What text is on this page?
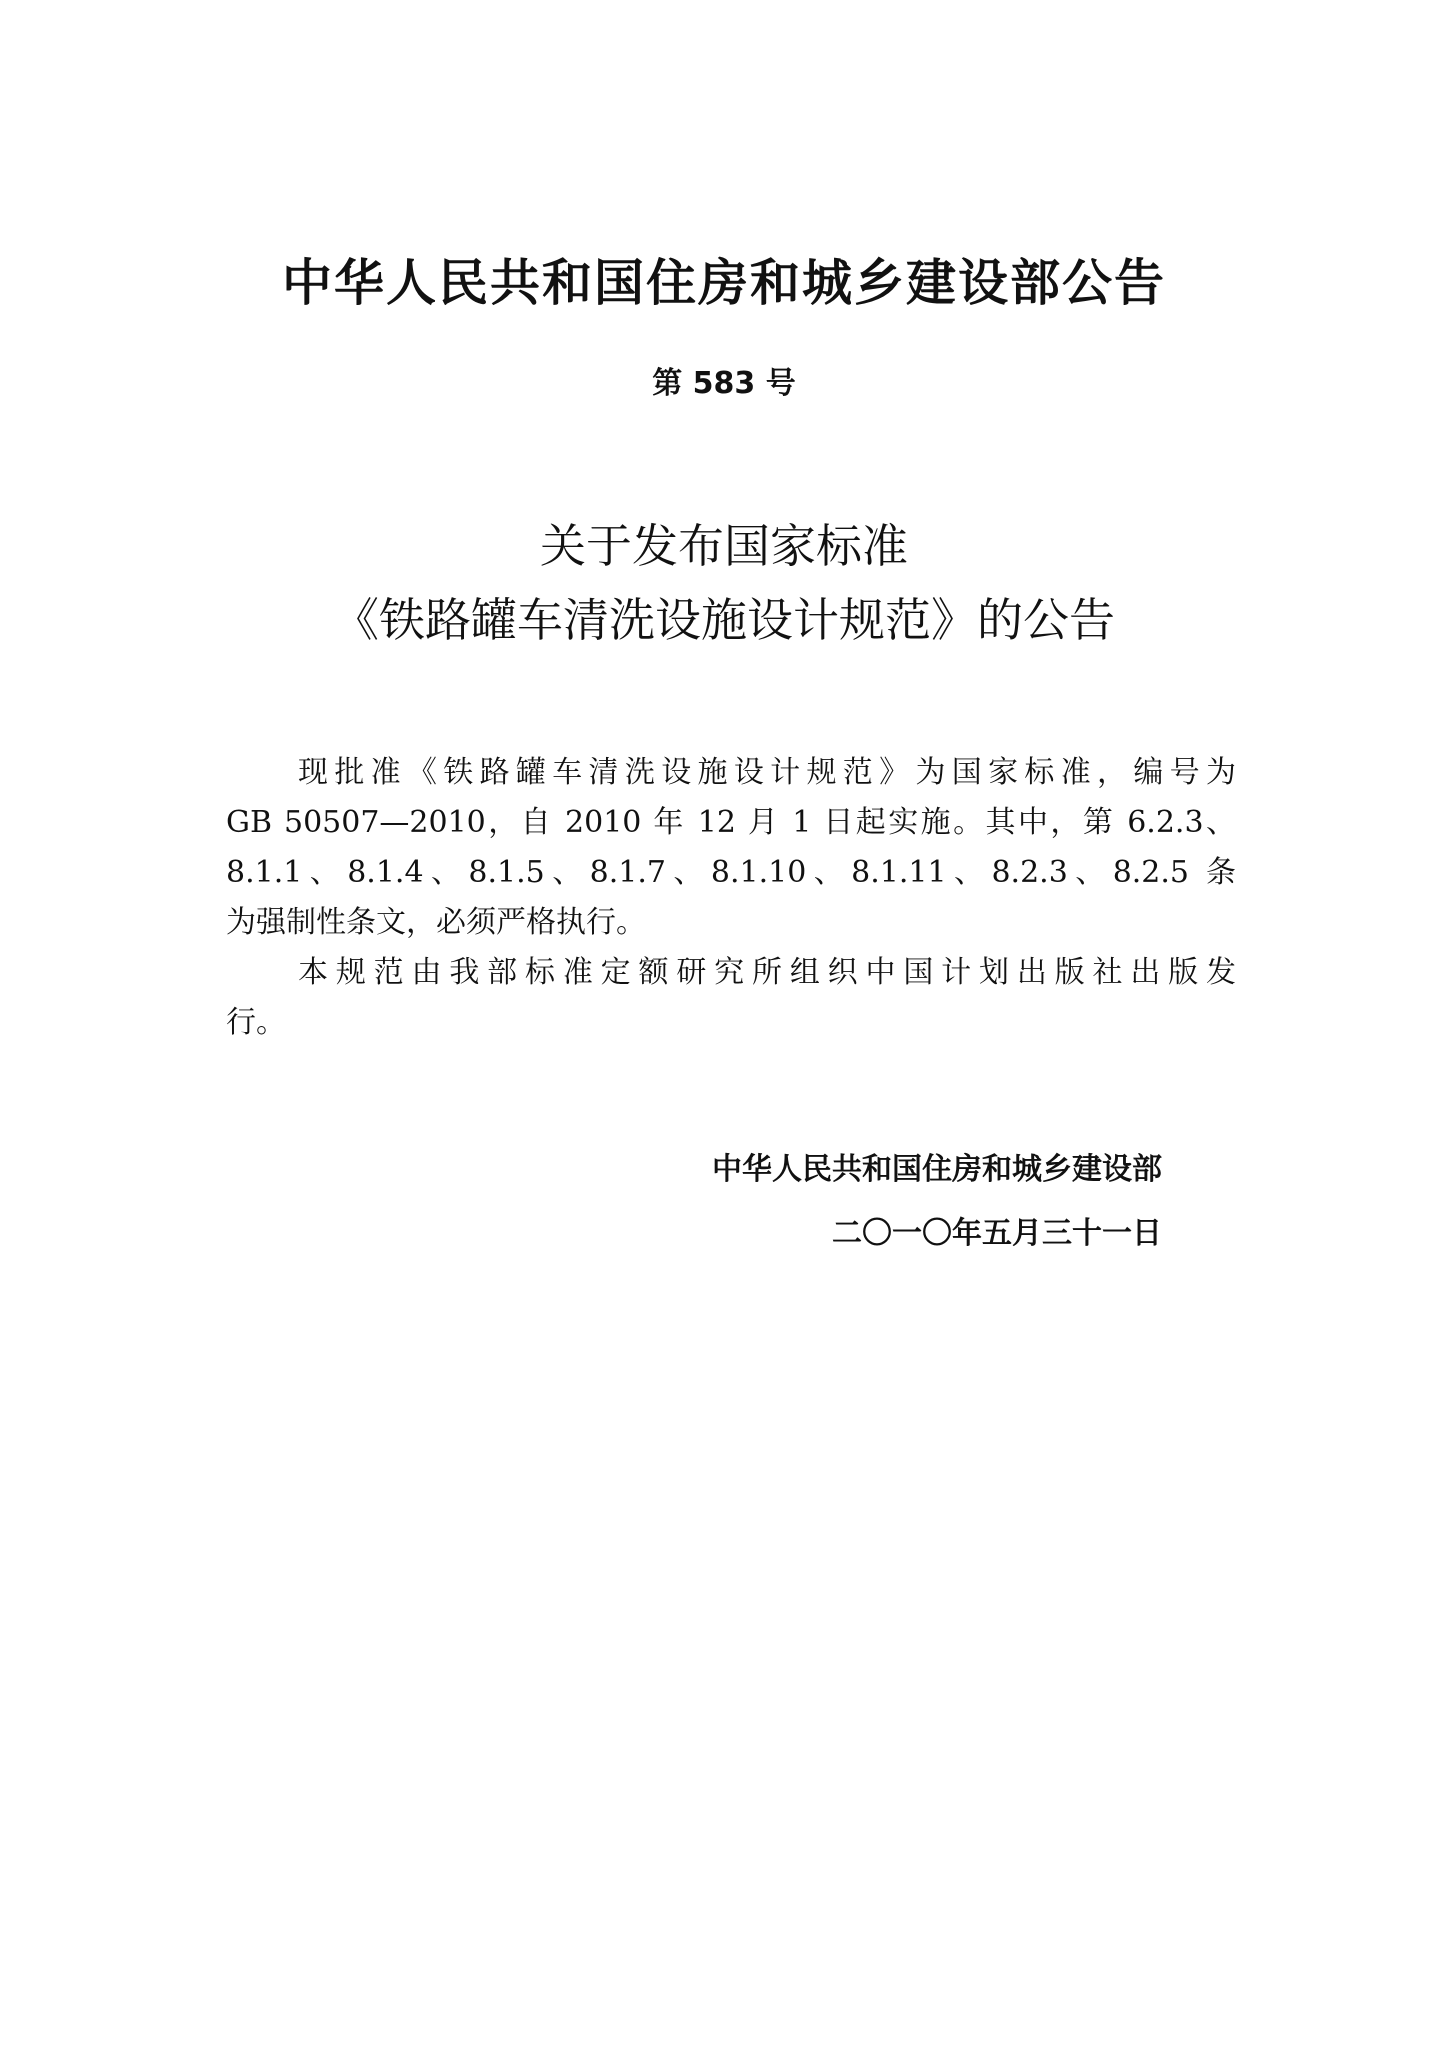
中华人民共和国住房和城乡建设部公告
第 583 号
关于发布国家标准
《铁路罐车清洗设施设计规范》的公告
现批准《铁路罐车清洗设施设计规范》为国家标准，编号为
GB 50507—2010，自 2010 年 12 月 1 日起实施。其中，第 6.2.3、
8.1.1、8.1.4、8.1.5、8.1.7、8.1.10、8.1.11、8.2.3、8.2.5 条
为强制性条文，必须严格执行。
本规范由我部标准定额研究所组织中国计划出版社出版发
行。
中华人民共和国住房和城乡建设部
二〇一〇年五月三十一日
